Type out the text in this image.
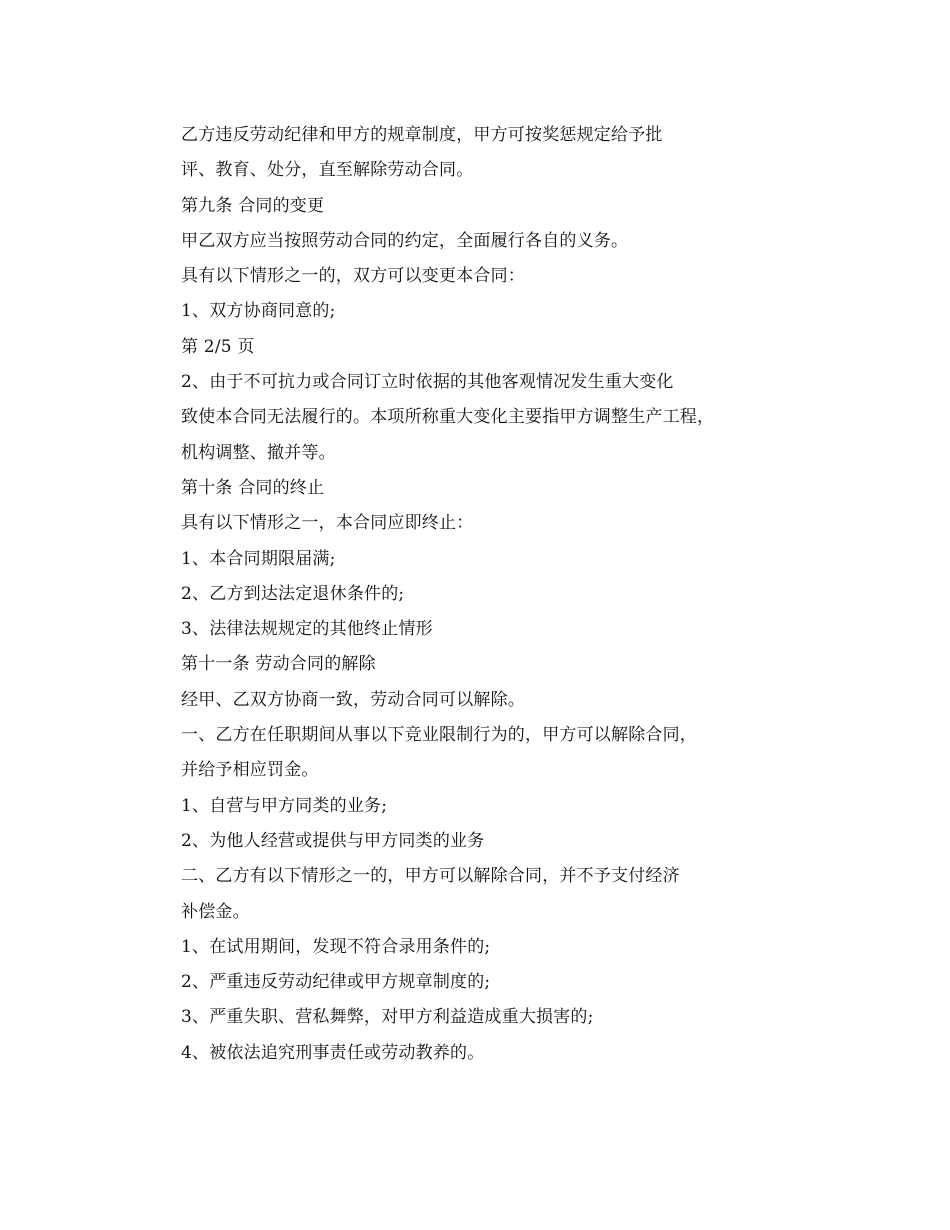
乙方违反劳动纪律和甲方的规章制度，甲方可按奖惩规定给予批
评、教育、处分，直至解除劳动合同。
第九条 合同的变更
甲乙双方应当按照劳动合同的约定，全面履行各自的义务。
具有以下情形之一的，双方可以变更本合同：
1、双方协商同意的;
第 2/5 页
2、由于不可抗力或合同订立时依据的其他客观情况发生重大变化
致使本合同无法履行的。本项所称重大变化主要指甲方调整生产工程，
机构调整、撤并等。
第十条 合同的终止
具有以下情形之一，本合同应即终止：
1、本合同期限届满;
2、乙方到达法定退休条件的;
3、法律法规规定的其他终止情形
第十一条 劳动合同的解除
经甲、乙双方协商一致，劳动合同可以解除。
一、乙方在任职期间从事以下竞业限制行为的，甲方可以解除合同，
并给予相应罚金。
1、自营与甲方同类的业务;
2、为他人经营或提供与甲方同类的业务
二、乙方有以下情形之一的，甲方可以解除合同，并不予支付经济
补偿金。
1、在试用期间，发现不符合录用条件的;
2、严重违反劳动纪律或甲方规章制度的;
3、严重失职、营私舞弊，对甲方利益造成重大损害的;
4、被依法追究刑事责任或劳动教养的。
